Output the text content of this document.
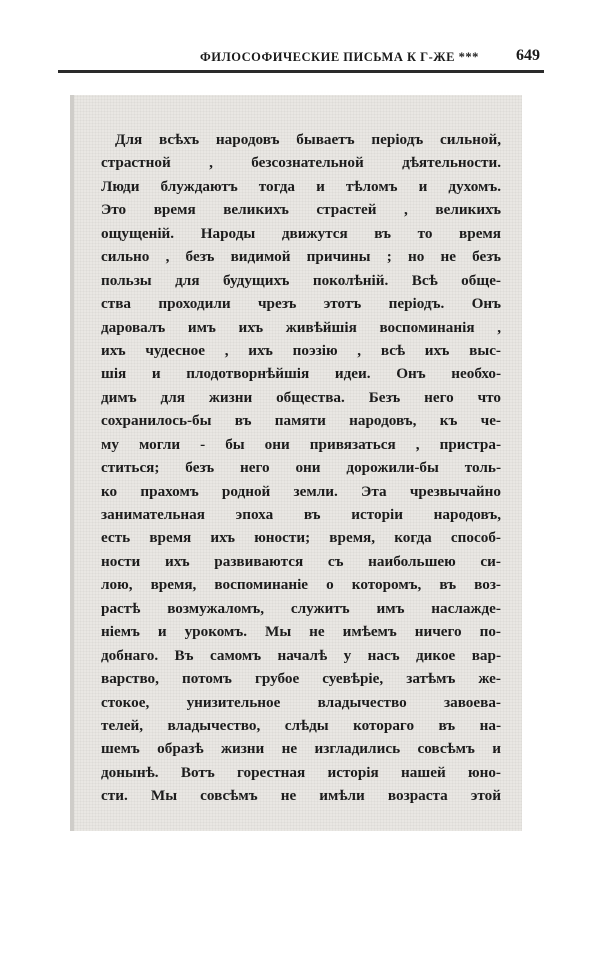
ФИЛОСОФИЧЕСКИЕ ПИСЬМА К Г-ЖЕ *** 649
Для всѣхъ народовъ бываетъ періодъ сильной,
страстной , безсознательной дѣятельности.
Люди блуждаютъ тогда и тѣломъ и духомъ.
Это время великихъ страстей , великихъ
ощущеній. Народы движутся въ то время
сильно , безъ видимой причины ; но не безъ
пользы для будущихъ поколѣній. Всѣ обще-
ства проходили чрезъ этотъ періодъ. Онъ
даровалъ имъ ихъ живѣйшія воспоминанія ,
ихъ чудесное , ихъ поэзію , всѣ ихъ выс-
шія и плодотворнѣйшія идеи. Онъ необхо-
димъ для жизни общества. Безъ него что
сохранилось-бы въ памяти народовъ, къ че-
му могли - бы они привязаться , пристра-
ститься; безъ него они дорожили-бы толь-
ко прахомъ родной земли. Эта чрезвычайно
занимательная эпоха въ исторіи народовъ,
есть время ихъ юности; время, когда способ-
ности ихъ развиваются съ наибольшею си-
лою, время, воспоминаніе о которомъ, въ воз-
растѣ возмужаломъ, служитъ имъ наслажде-
ніемъ и урокомъ. Мы не имѣемъ ничего по-
добнаго. Въ самомъ началѣ у насъ дикое вар-
варство, потомъ грубое суевѣріе, затѣмъ же-
стокое, унизительное владычество завоева-
телей, владычество, слѣды котораго въ на-
шемъ образѣ жизни не изгладились совсѣмъ и
донынѣ. Вотъ горестная исторія нашей юно-
сти. Мы совсѣмъ не имѣли возраста этой
